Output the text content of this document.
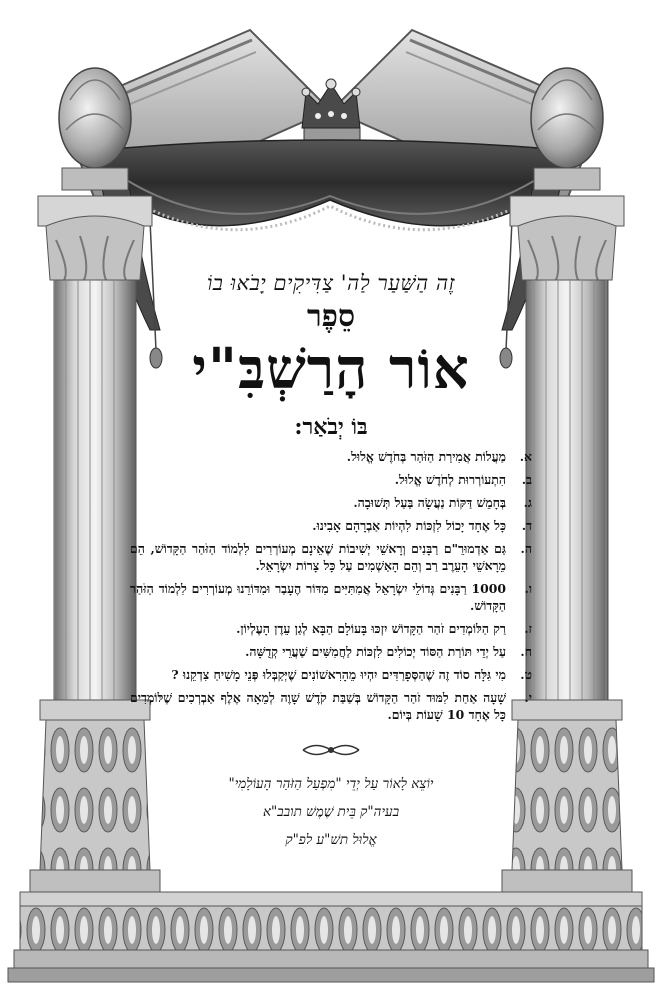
זֶה הַשַּׁעַר לַה' צַדִּיקִים יָבֹאוּ בוֹ

סֵפֶר

אוֹר הָרַשְׁבִּ"י

בּוֹ יְבֹאַר:

א.
מַעֲלוֹת אֲמִירַת הַזֹּהַר בְּחֹדֶשׁ אֱלוּל.
ב.
הִתְעוֹרְרוּת לְחֹדֶשׁ אֱלוּל.
ג.
בְּחָמֵשׁ דַּקּוֹת נַעֲשָׂה בַּעַל תְּשׁוּבָה.
ד.
כָּל אֶחָד יָכוֹל לִזְכּוֹת לִהְיוֹת אַבְרָהָם אָבִינוּ.
ה.
גַּם אַדְמוּרֵ"ם רַבָּנִים וְרָאשֵׁי יְשִׁיבוֹת שֶׁאֵינָם מְעוֹרְרִים לִלְמוֹד הַזֹּהַר הַקָּדוֹשׁ, הֵם מֵרָאשֵׁי הָעֵרֶב רַב וְהֵם הָאַשְׁמִים עַל כָּל צָרוֹת יִשְׂרָאֵל.
ו.
1000 רַבָּנִים גְּדוֹלֵי יִשְׂרָאֵל אֲמִתִּיִּים מִדּוֹר הֶעָבַר וּמִדּוֹרֵנוּ מְעוֹרְרִים לִלְמוֹד הַזֹּהַר הַקָּדוֹשׁ.
ז.
רַק הַלּוֹמְדִים זֹהַר הַקָּדוֹשׁ יִזְכּוּ בָּעוֹלָם הַבָּא לְגַן עֵדֶן הָעֶלְיוֹן.
ח.
עַל יְדֵי תּוֹרַת הַסּוֹד יְכוֹלִים לִזְכּוֹת לַחֲמִשִּׁים שַׁעֲרֵי קְדֻשָּׁה.
ט.
מִי גִּלָּה סוֹד זֶה שֶׁהַסְּפָרַדִּים יִהְיוּ מֵהָרִאשׁוֹנִים שֶׁיְּקַבְּלוּ פְּנֵי מָשִׁיחַ צִדְקֵנוּ ?
י.
שָׁעָה אַחַת לִמּוּד זֹהַר הַקָּדוֹשׁ בְּשַׁבַּת קֹדֶשׁ שָׁוֶה לְמֵאָה אֶלֶף אַבְרְכִים שֶׁלּוֹמְדִים כָּל אֶחָד 10 שָׁעוֹת בְּיוֹם.

יוֹצֵא לָאוֹר עַל יְדֵי "מִפְעַל הַזֹּהַר הָעוֹלָמִי"

בעיה"ק בֵּית שֶׁמֶשׁ תובב"א

אֱלוּל תשׁ"ע לפ"ק
